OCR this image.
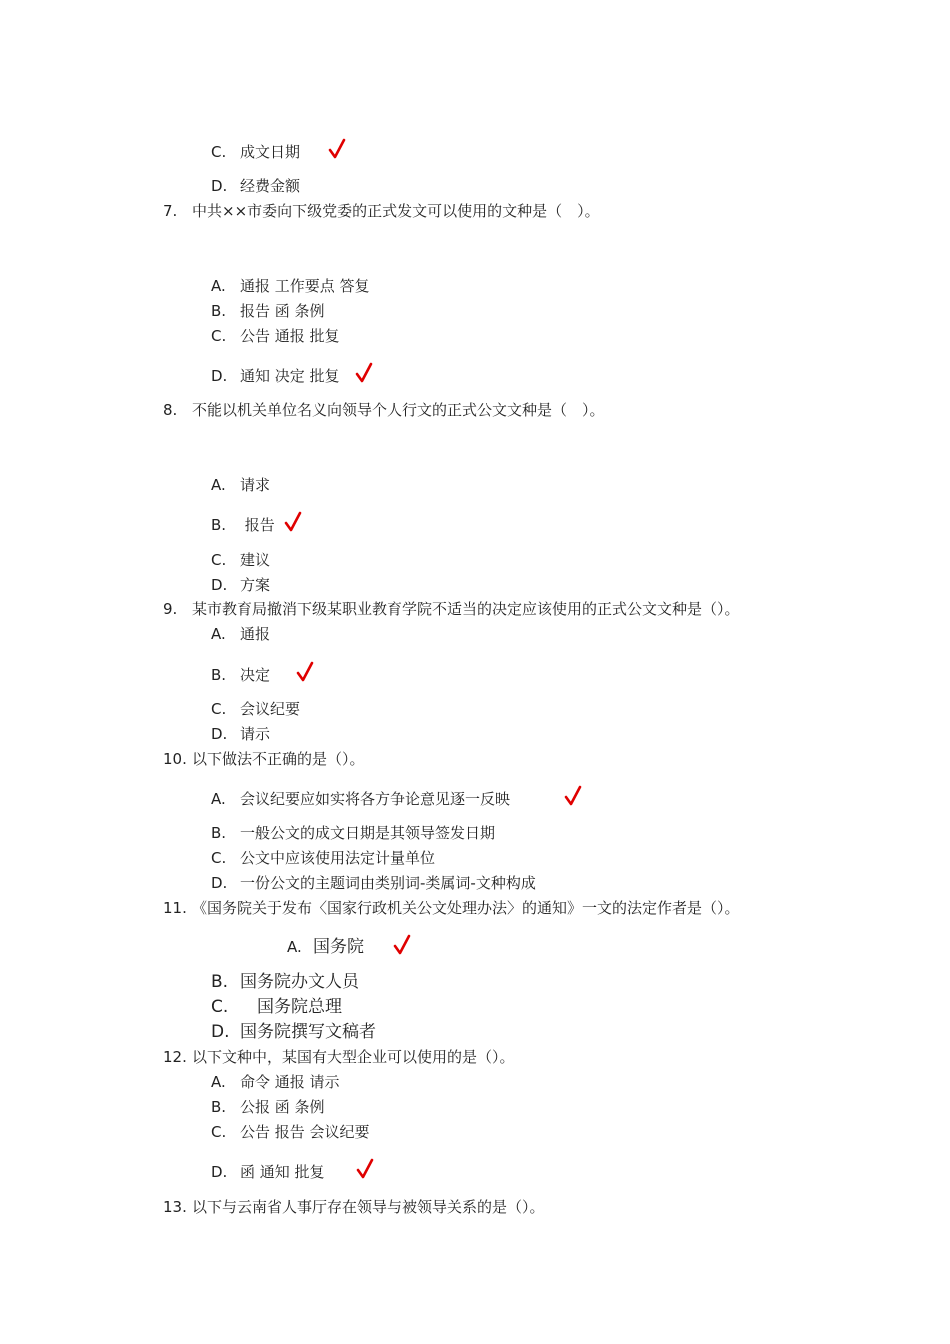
C. 成文日期
D. 经费金额
7. 中共××市委向下级党委的正式发文可以使用的文种是（　）。
A. 通报 工作要点 答复
B. 报告 函 条例
C. 公告 通报 批复
D. 通知 决定 批复
8. 不能以机关单位名义向领导个人行文的正式公文文种是（　）。
A. 请求
B. 报告
C. 建议
D. 方案
9. 某市教育局撤消下级某职业教育学院不适当的决定应该使用的正式公文文种是（）。
A. 通报
B. 决定
C. 会议纪要
D. 请示
10. 以下做法不正确的是（）。
A. 会议纪要应如实将各方争论意见逐一反映
B. 一般公文的成文日期是其领导签发日期
C. 公文中应该使用法定计量单位
D. 一份公文的主题词由类别词-类属词-文种构成
11. 《国务院关于发布〈国家行政机关公文处理办法〉的通知》一文的法定作者是（）。
A. 国务院
B. 国务院办文人员
C.　国务院总理
D. 国务院撰写文稿者
12. 以下文种中，某国有大型企业可以使用的是（）。
A. 命令 通报 请示
B. 公报 函 条例
C. 公告 报告 会议纪要
D. 函 通知 批复
13. 以下与云南省人事厅存在领导与被领导关系的是（）。
